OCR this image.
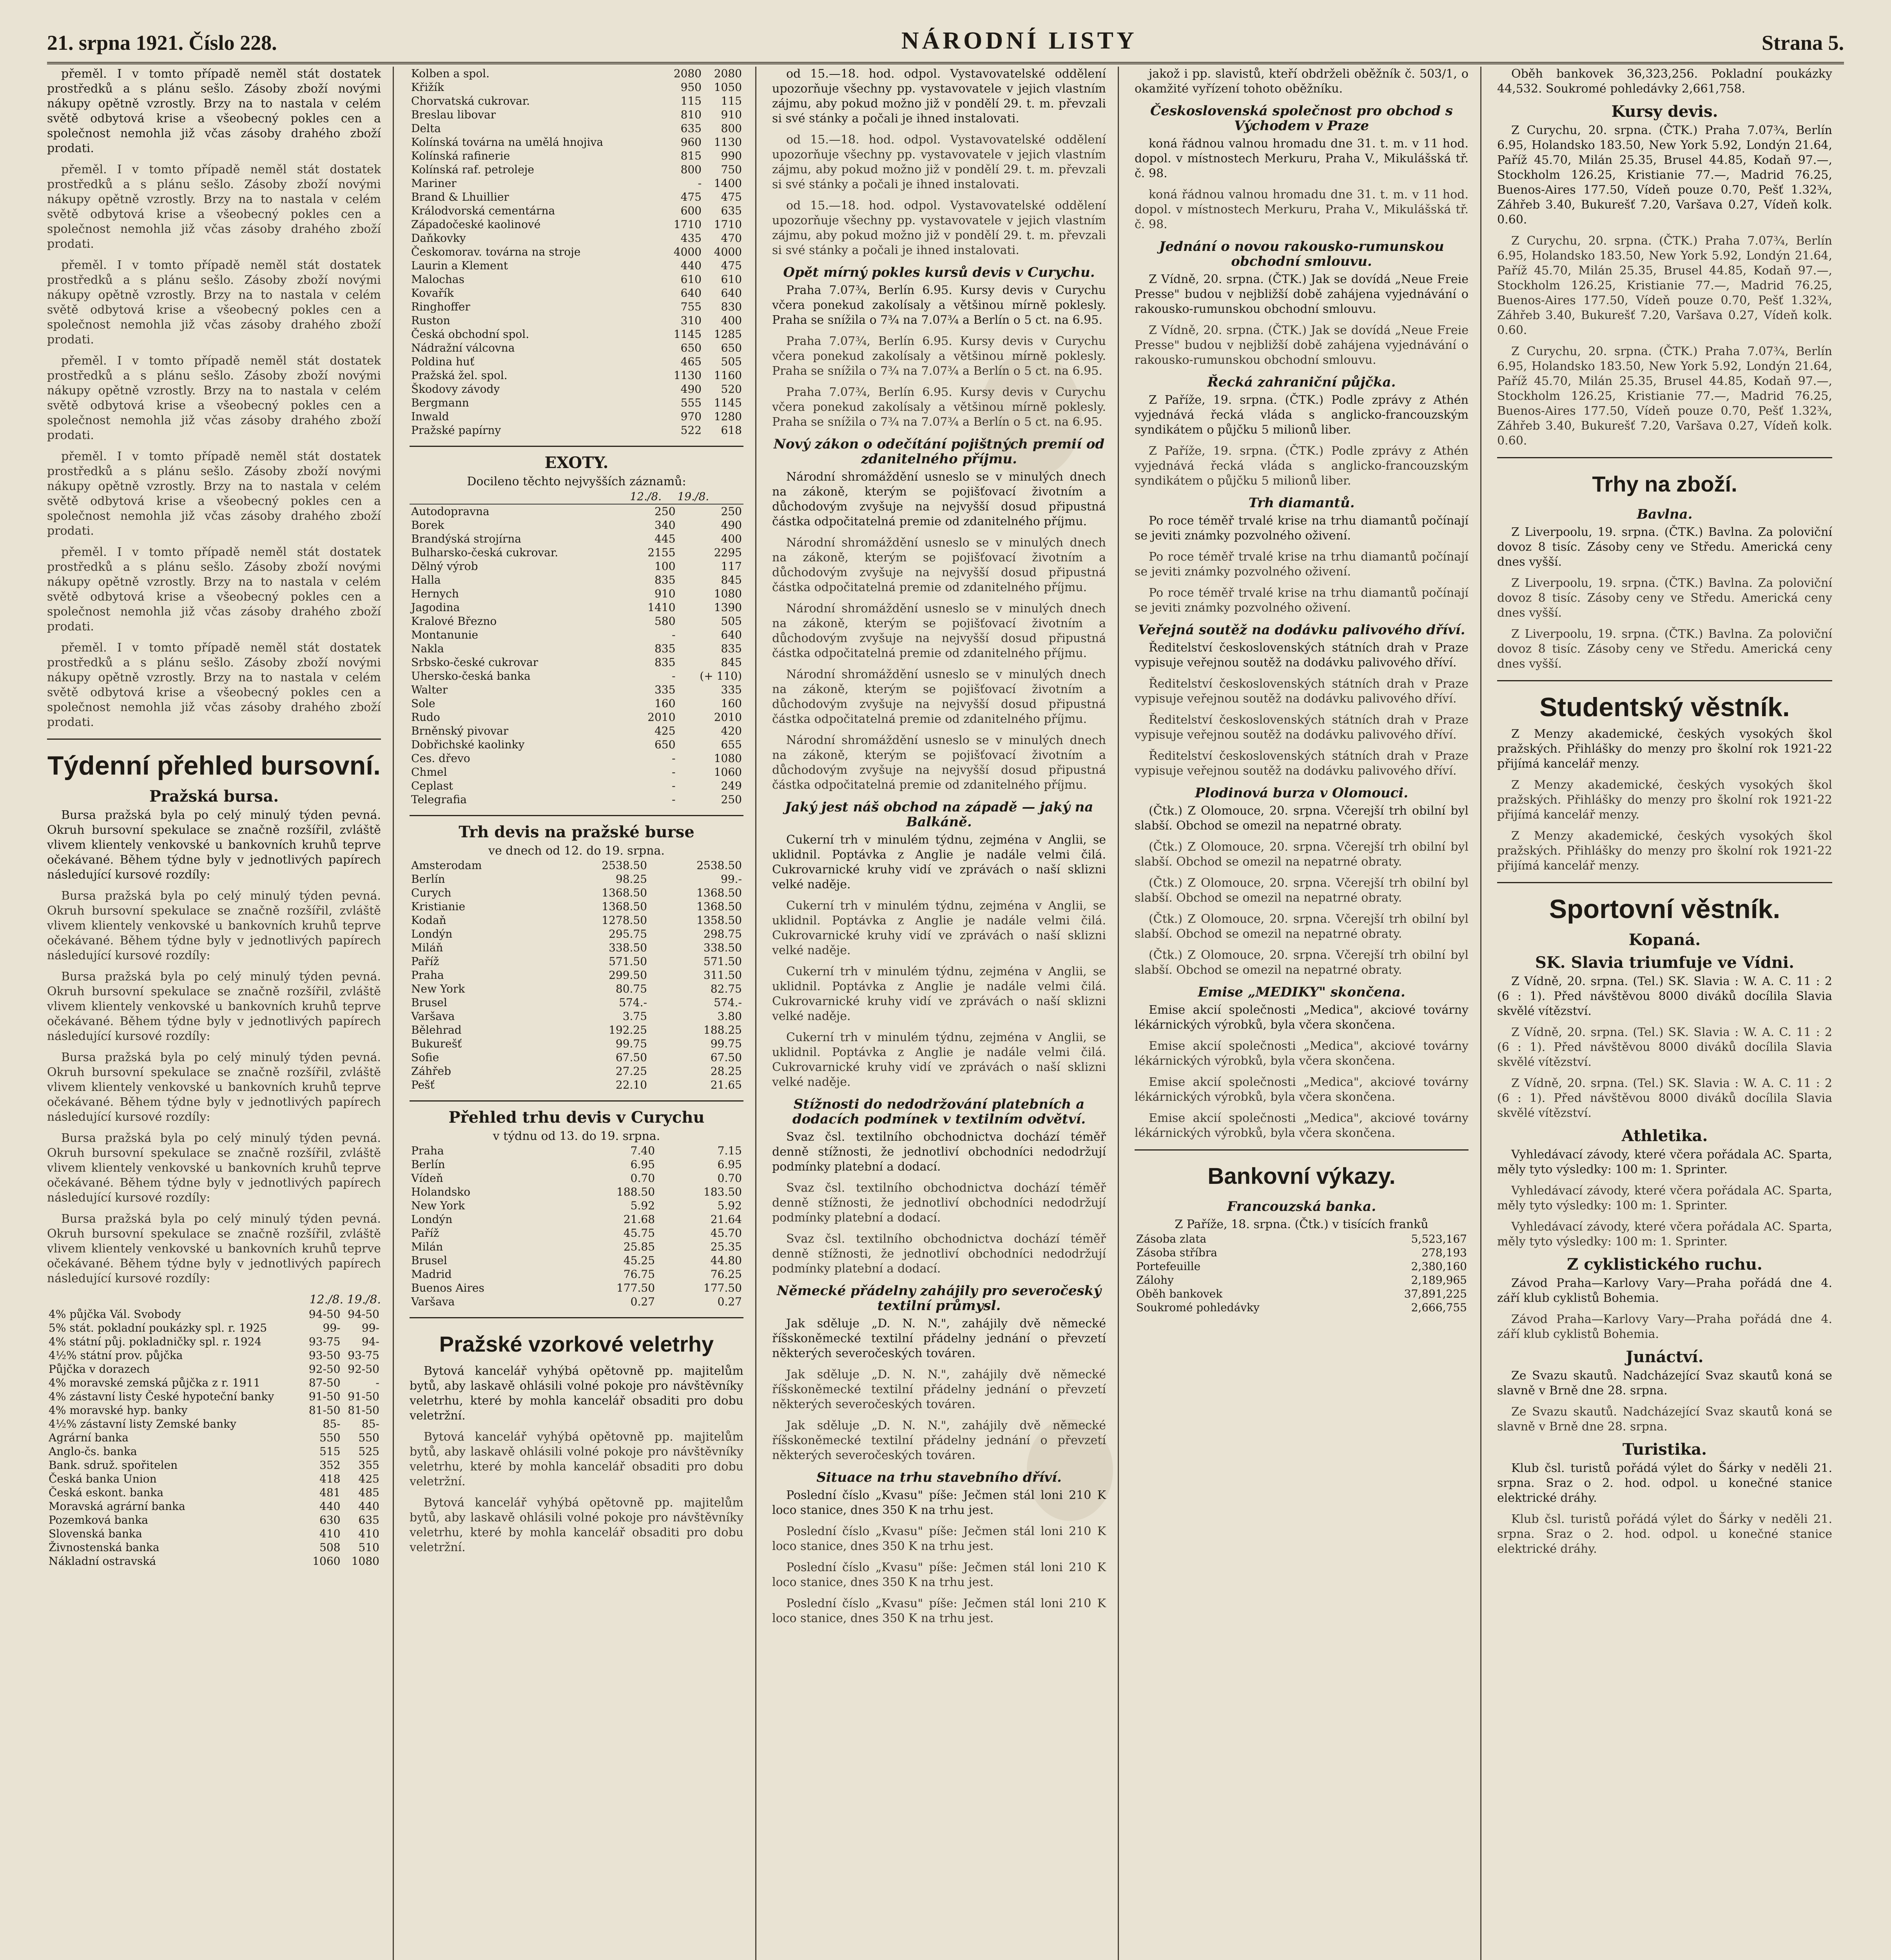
21. srpna 1921. Číslo 228.	NÁRODNÍ LISTY	Strana 5.

přeměl. I v tomto případě neměl stát dostatek prostředků a s plánu sešlo. Zásoby zboží novými nákupy opětně vzrostly. Brzy na to nastala v celém světě odbytová krise a všeobecný pokles cen a společnost nemohla již včas zásoby drahého zboží prodati.

přeměl. I v tomto případě neměl stát dostatek prostředků a s plánu sešlo. Zásoby zboží novými nákupy opětně vzrostly. Brzy na to nastala v celém světě odbytová krise a všeobecný pokles cen a společnost nemohla již včas zásoby drahého zboží prodati.

přeměl. I v tomto případě neměl stát dostatek prostředků a s plánu sešlo. Zásoby zboží novými nákupy opětně vzrostly. Brzy na to nastala v celém světě odbytová krise a všeobecný pokles cen a společnost nemohla již včas zásoby drahého zboží prodati.

přeměl. I v tomto případě neměl stát dostatek prostředků a s plánu sešlo. Zásoby zboží novými nákupy opětně vzrostly. Brzy na to nastala v celém světě odbytová krise a všeobecný pokles cen a společnost nemohla již včas zásoby drahého zboží prodati.

přeměl. I v tomto případě neměl stát dostatek prostředků a s plánu sešlo. Zásoby zboží novými nákupy opětně vzrostly. Brzy na to nastala v celém světě odbytová krise a všeobecný pokles cen a společnost nemohla již včas zásoby drahého zboží prodati.

přeměl. I v tomto případě neměl stát dostatek prostředků a s plánu sešlo. Zásoby zboží novými nákupy opětně vzrostly. Brzy na to nastala v celém světě odbytová krise a všeobecný pokles cen a společnost nemohla již včas zásoby drahého zboží prodati.

přeměl. I v tomto případě neměl stát dostatek prostředků a s plánu sešlo. Zásoby zboží novými nákupy opětně vzrostly. Brzy na to nastala v celém světě odbytová krise a všeobecný pokles cen a společnost nemohla již včas zásoby drahého zboží prodati.

Týdenní přehled bursovní.
Pražská bursa.

Bursa pražská byla po celý minulý týden pevná. Okruh bursovní spekulace se značně rozšířil, zvláště vlivem klientely venkovské u bankovních kruhů teprve očekávané. Během týdne byly v jednotlivých papírech následující kursové rozdíly:

Bursa pražská byla po celý minulý týden pevná. Okruh bursovní spekulace se značně rozšířil, zvláště vlivem klientely venkovské u bankovních kruhů teprve očekávané. Během týdne byly v jednotlivých papírech následující kursové rozdíly:

Bursa pražská byla po celý minulý týden pevná. Okruh bursovní spekulace se značně rozšířil, zvláště vlivem klientely venkovské u bankovních kruhů teprve očekávané. Během týdne byly v jednotlivých papírech následující kursové rozdíly:

Bursa pražská byla po celý minulý týden pevná. Okruh bursovní spekulace se značně rozšířil, zvláště vlivem klientely venkovské u bankovních kruhů teprve očekávané. Během týdne byly v jednotlivých papírech následující kursové rozdíly:

Bursa pražská byla po celý minulý týden pevná. Okruh bursovní spekulace se značně rozšířil, zvláště vlivem klientely venkovské u bankovních kruhů teprve očekávané. Během týdne byly v jednotlivých papírech následující kursové rozdíly:

Bursa pražská byla po celý minulý týden pevná. Okruh bursovní spekulace se značně rozšířil, zvláště vlivem klientely venkovské u bankovních kruhů teprve očekávané. Během týdne byly v jednotlivých papírech následující kursové rozdíly:

12./8. 19./8.
4% půjčka Vál. Svobody	94-50	94-50
5% stát. pokladní poukázky spl. r. 1925	99-	99-
4% státní půj. pokladničky spl. r. 1924	93-75	94-
4½% státní prov. půjčka	93-50	93-75
Půjčka v dorazech	92-50	92-50
4% moravské zemská půjčka z r. 1911	87-50	-
4% zástavní listy České hypoteční banky	91-50	91-50
4% moravské hyp. banky	81-50	81-50
4½% zástavní listy Zemské banky	85-	85-
Agrární banka	550	550
Anglo-čs. banka	515	525
Bank. sdruž. spořitelen	352	355
Česká banka Union	418	425
Česká eskont. banka	481	485
Moravská agrární banka	440	440
Pozemková banka	630	635
Slovenská banka	410	410
Živnostenská banka	508	510
Nákladní ostravská	1060	1080
Kolben a spol.	2080	2080
Křižík	950	1050
Chorvatská cukrovar.	115	115
Breslau libovar	810	910
Delta	635	800
Kolínská továrna na umělá hnojiva	960	1130
Kolínská rafinerie	815	990
Kolínská raf. petroleje	800	750
Mariner	-	1400
Brand & Lhuillier	475	475
Králodvorská cementárna	600	635
Západočeské kaolinové	1710	1710
Daňkovky	435	470
Českomorav. továrna na stroje	4000	4000
Laurin a Klement	440	475
Malochas	610	610
Kovařík	640	640
Ringhoffer	755	830
Ruston	310	400
Česká obchodní spol.	1145	1285
Nádražní válcovna	650	650
Poldina huť	465	505
Pražská žel. spol.	1130	1160
Škodovy závody	490	520
Bergmann	555	1145
Inwald	970	1280
Pražské papírny	522	618
EXOTY.
Docileno těchto nejvyšších záznamů:
	12./8.	19./8.
Autodopravna	250	250
Borek	340	490
Brandýská strojírna	445	400
Bulharsko-česká cukrovar.	2155	2295
Dělný výrob	100	117
Halla	835	845
Hernych	910	1080
Jagodina	1410	1390
Kralové Březno	580	505
Montanunie	-	640
Nakla	835	835
Srbsko-české cukrovar	835	845
Uhersko-česká banka	-	(+ 110)
Walter	335	335
Sole	160	160
Rudo	2010	2010
Brněnský pivovar	425	420
Dobřichské kaolinky	650	655
Ces. dřevo	-	1080
Chmel	-	1060
Ceplast	-	249
Telegrafia	-	250
Trh devis na pražské burse
ve dnech od 12. do 19. srpna.
Amsterodam	2538.50	2538.50
Berlín	98.25	99.-
Curych	1368.50	1368.50
Kristianie	1368.50	1368.50
Kodaň	1278.50	1358.50
Londýn	295.75	298.75
Miláň	338.50	338.50
Paříž	571.50	571.50
Praha	299.50	311.50
New York	80.75	82.75
Brusel	574.-	574.-
Varšava	3.75	3.80
Bělehrad	192.25	188.25
Bukurešť	99.75	99.75
Sofie	67.50	67.50
Záhřeb	27.25	28.25
Pešť	22.10	21.65
Přehled trhu devis v Curychu
v týdnu od 13. do 19. srpna.
Praha	7.40	7.15
Berlín	6.95	6.95
Vídeň	0.70	0.70
Holandsko	188.50	183.50
New York	5.92	5.92
Londýn	21.68	21.64
Paříž	45.75	45.70
Milán	25.85	25.35
Brusel	45.25	44.80
Madrid	76.75	76.25
Buenos Aires	177.50	177.50
Varšava	0.27	0.27
Pražské vzorkové veletrhy

Bytová kancelář vyhýbá opětovně pp. majitelům bytů, aby laskavě ohlásili volné pokoje pro návštěvníky veletrhu, které by mohla kancelář obsaditi pro dobu veletržní.

Bytová kancelář vyhýbá opětovně pp. majitelům bytů, aby laskavě ohlásili volné pokoje pro návštěvníky veletrhu, které by mohla kancelář obsaditi pro dobu veletržní.

Bytová kancelář vyhýbá opětovně pp. majitelům bytů, aby laskavě ohlásili volné pokoje pro návštěvníky veletrhu, které by mohla kancelář obsaditi pro dobu veletržní.

od 15.—18. hod. odpol. Vystavovatelské oddělení upozorňuje všechny pp. vystavovatele v jejich vlastním zájmu, aby pokud možno již v pondělí 29. t. m. převzali si své stánky a počali je ihned instalovati.

od 15.—18. hod. odpol. Vystavovatelské oddělení upozorňuje všechny pp. vystavovatele v jejich vlastním zájmu, aby pokud možno již v pondělí 29. t. m. převzali si své stánky a počali je ihned instalovati.

od 15.—18. hod. odpol. Vystavovatelské oddělení upozorňuje všechny pp. vystavovatele v jejich vlastním zájmu, aby pokud možno již v pondělí 29. t. m. převzali si své stánky a počali je ihned instalovati.

Opět mírný pokles kursů devis v Curychu.

Praha 7.07¾, Berlín 6.95. Kursy devis v Curychu včera ponekud zakolísaly a většinou mírně poklesly. Praha se snížila o 7¾ na 7.07¾ a Berlín o 5 ct. na 6.95.

Praha 7.07¾, Berlín 6.95. Kursy devis v Curychu včera ponekud zakolísaly a většinou mírně poklesly. Praha se snížila o 7¾ na 7.07¾ a Berlín o 5 ct. na 6.95.

Praha 7.07¾, Berlín 6.95. Kursy devis v Curychu včera ponekud zakolísaly a většinou mírně poklesly. Praha se snížila o 7¾ na 7.07¾ a Berlín o 5 ct. na 6.95.

Nový zákon o odečítání pojištných premií od zdanitelného příjmu.

Národní shromáždění usneslo se v minulých dnech na zákoně, kterým se pojišťovací životním a důchodovým zvyšuje na nejvyšší dosud připustná částka odpočitatelná premie od zdanitelného příjmu.

Národní shromáždění usneslo se v minulých dnech na zákoně, kterým se pojišťovací životním a důchodovým zvyšuje na nejvyšší dosud připustná částka odpočitatelná premie od zdanitelného příjmu.

Národní shromáždění usneslo se v minulých dnech na zákoně, kterým se pojišťovací životním a důchodovým zvyšuje na nejvyšší dosud připustná částka odpočitatelná premie od zdanitelného příjmu.

Národní shromáždění usneslo se v minulých dnech na zákoně, kterým se pojišťovací životním a důchodovým zvyšuje na nejvyšší dosud připustná částka odpočitatelná premie od zdanitelného příjmu.

Národní shromáždění usneslo se v minulých dnech na zákoně, kterým se pojišťovací životním a důchodovým zvyšuje na nejvyšší dosud připustná částka odpočitatelná premie od zdanitelného příjmu.

Jaký jest náš obchod na západě — jaký na Balkáně.

Cukerní trh v minulém týdnu, zejména v Anglii, se uklidnil. Poptávka z Anglie je nadále velmi čilá. Cukrovarnické kruhy vidí ve zprávách o naší sklizni velké naděje.

Cukerní trh v minulém týdnu, zejména v Anglii, se uklidnil. Poptávka z Anglie je nadále velmi čilá. Cukrovarnické kruhy vidí ve zprávách o naší sklizni velké naděje.

Cukerní trh v minulém týdnu, zejména v Anglii, se uklidnil. Poptávka z Anglie je nadále velmi čilá. Cukrovarnické kruhy vidí ve zprávách o naší sklizni velké naděje.

Cukerní trh v minulém týdnu, zejména v Anglii, se uklidnil. Poptávka z Anglie je nadále velmi čilá. Cukrovarnické kruhy vidí ve zprávách o naší sklizni velké naděje.

Stížnosti do nedodržování platebních a dodacích podmínek v textilním odvětví.

Svaz čsl. textilního obchodnictva dochází téměř denně stížnosti, že jednotliví obchodníci nedodržují podmínky platební a dodací.

Svaz čsl. textilního obchodnictva dochází téměř denně stížnosti, že jednotliví obchodníci nedodržují podmínky platební a dodací.

Svaz čsl. textilního obchodnictva dochází téměř denně stížnosti, že jednotliví obchodníci nedodržují podmínky platební a dodací.

Německé přádelny zahájily pro severočeský textilní průmysl.

Jak sděluje „D. N. N.", zahájily dvě německé říšskoněmecké textilní přádelny jednání o převzetí některých severočeských továren.

Jak sděluje „D. N. N.", zahájily dvě německé říšskoněmecké textilní přádelny jednání o převzetí některých severočeských továren.

Jak sděluje „D. N. N.", zahájily dvě německé říšskoněmecké textilní přádelny jednání o převzetí některých severočeských továren.

Situace na trhu stavebního dříví.

Poslední číslo „Kvasu" píše: Ječmen stál loni 210 K loco stanice, dnes 350 K na trhu jest.

Poslední číslo „Kvasu" píše: Ječmen stál loni 210 K loco stanice, dnes 350 K na trhu jest.

Poslední číslo „Kvasu" píše: Ječmen stál loni 210 K loco stanice, dnes 350 K na trhu jest.

Poslední číslo „Kvasu" píše: Ječmen stál loni 210 K loco stanice, dnes 350 K na trhu jest.

jakož i pp. slavistů, kteří obdrželi oběžník č. 503/1, o okamžité vyřízení tohoto oběžníku.

Československá společnost pro obchod s Východem v Praze

koná řádnou valnou hromadu dne 31. t. m. v 11 hod. dopol. v místnostech Merkuru, Praha V., Mikulášská tř. č. 98.

koná řádnou valnou hromadu dne 31. t. m. v 11 hod. dopol. v místnostech Merkuru, Praha V., Mikulášská tř. č. 98.

Jednání o novou rakousko-rumunskou obchodní smlouvu.

Z Vídně, 20. srpna. (ČTK.) Jak se dovídá „Neue Freie Presse" budou v nejbližší době zahájena vyjednávání o rakousko-rumunskou obchodní smlouvu.

Z Vídně, 20. srpna. (ČTK.) Jak se dovídá „Neue Freie Presse" budou v nejbližší době zahájena vyjednávání o rakousko-rumunskou obchodní smlouvu.

Řecká zahraniční půjčka.

Z Paříže, 19. srpna. (ČTK.) Podle zprávy z Athén vyjednává řecká vláda s anglicko-francouzským syndikátem o půjčku 5 milionů liber.

Z Paříže, 19. srpna. (ČTK.) Podle zprávy z Athén vyjednává řecká vláda s anglicko-francouzským syndikátem o půjčku 5 milionů liber.

Trh diamantů.

Po roce téměř trvalé krise na trhu diamantů počínají se jeviti známky pozvolného oživení.

Po roce téměř trvalé krise na trhu diamantů počínají se jeviti známky pozvolného oživení.

Po roce téměř trvalé krise na trhu diamantů počínají se jeviti známky pozvolného oživení.

Veřejná soutěž na dodávku palivového dříví.

Ředitelství československých státních drah v Praze vypisuje veřejnou soutěž na dodávku palivového dříví.

Ředitelství československých státních drah v Praze vypisuje veřejnou soutěž na dodávku palivového dříví.

Ředitelství československých státních drah v Praze vypisuje veřejnou soutěž na dodávku palivového dříví.

Ředitelství československých státních drah v Praze vypisuje veřejnou soutěž na dodávku palivového dříví.

Plodinová burza v Olomouci.

(Čtk.) Z Olomouce, 20. srpna. Včerejší trh obilní byl slabší. Obchod se omezil na nepatrné obraty.

(Čtk.) Z Olomouce, 20. srpna. Včerejší trh obilní byl slabší. Obchod se omezil na nepatrné obraty.

(Čtk.) Z Olomouce, 20. srpna. Včerejší trh obilní byl slabší. Obchod se omezil na nepatrné obraty.

(Čtk.) Z Olomouce, 20. srpna. Včerejší trh obilní byl slabší. Obchod se omezil na nepatrné obraty.

(Čtk.) Z Olomouce, 20. srpna. Včerejší trh obilní byl slabší. Obchod se omezil na nepatrné obraty.

Emise „MEDIKY" skončena.

Emise akcií společnosti „Medica", akciové továrny lékárnických výrobků, byla včera skončena.

Emise akcií společnosti „Medica", akciové továrny lékárnických výrobků, byla včera skončena.

Emise akcií společnosti „Medica", akciové továrny lékárnických výrobků, byla včera skončena.

Emise akcií společnosti „Medica", akciové továrny lékárnických výrobků, byla včera skončena.

Bankovní výkazy.
Francouzská banka.
Z Paříže, 18. srpna. (Čtk.) v tisících franků
Zásoba zlata	5,523,167
Zásoba stříbra	278,193
Portefeuille	2,380,160
Zálohy	2,189,965
Oběh bankovek	37,891,225
Soukromé pohledávky	2,666,755

Oběh bankovek 36,323,256. Pokladní poukázky 44,532. Soukromé pohledávky 2,661,758.

Kursy devis.

Z Curychu, 20. srpna. (ČTK.) Praha 7.07¾, Berlín 6.95, Holandsko 183.50, New York 5.92, Londýn 21.64, Paříž 45.70, Milán 25.35, Brusel 44.85, Kodaň 97.—, Stockholm 126.25, Kristianie 77.—, Madrid 76.25, Buenos-Aires 177.50, Vídeň pouze 0.70, Pešť 1.32¾, Záhřeb 3.40, Bukurešť 7.20, Varšava 0.27, Vídeň kolk. 0.60.

Z Curychu, 20. srpna. (ČTK.) Praha 7.07¾, Berlín 6.95, Holandsko 183.50, New York 5.92, Londýn 21.64, Paříž 45.70, Milán 25.35, Brusel 44.85, Kodaň 97.—, Stockholm 126.25, Kristianie 77.—, Madrid 76.25, Buenos-Aires 177.50, Vídeň pouze 0.70, Pešť 1.32¾, Záhřeb 3.40, Bukurešť 7.20, Varšava 0.27, Vídeň kolk. 0.60.

Z Curychu, 20. srpna. (ČTK.) Praha 7.07¾, Berlín 6.95, Holandsko 183.50, New York 5.92, Londýn 21.64, Paříž 45.70, Milán 25.35, Brusel 44.85, Kodaň 97.—, Stockholm 126.25, Kristianie 77.—, Madrid 76.25, Buenos-Aires 177.50, Vídeň pouze 0.70, Pešť 1.32¾, Záhřeb 3.40, Bukurešť 7.20, Varšava 0.27, Vídeň kolk. 0.60.

Trhy na zboží.
Bavlna.

Z Liverpoolu, 19. srpna. (ČTK.) Bavlna. Za poloviční dovoz 8 tisíc. Zásoby ceny ve Středu. Americká ceny dnes vyšší.

Z Liverpoolu, 19. srpna. (ČTK.) Bavlna. Za poloviční dovoz 8 tisíc. Zásoby ceny ve Středu. Americká ceny dnes vyšší.

Z Liverpoolu, 19. srpna. (ČTK.) Bavlna. Za poloviční dovoz 8 tisíc. Zásoby ceny ve Středu. Americká ceny dnes vyšší.

Studentský věstník.

Z Menzy akademické, českých vysokých škol pražských. Přihlášky do menzy pro školní rok 1921-22 přijímá kancelář menzy.

Z Menzy akademické, českých vysokých škol pražských. Přihlášky do menzy pro školní rok 1921-22 přijímá kancelář menzy.

Z Menzy akademické, českých vysokých škol pražských. Přihlášky do menzy pro školní rok 1921-22 přijímá kancelář menzy.

Sportovní věstník.
Kopaná.
SK. Slavia triumfuje ve Vídni.

Z Vídně, 20. srpna. (Tel.) SK. Slavia : W. A. C. 11 : 2 (6 : 1). Před návštěvou 8000 diváků docílila Slavia skvělé vítězství.

Z Vídně, 20. srpna. (Tel.) SK. Slavia : W. A. C. 11 : 2 (6 : 1). Před návštěvou 8000 diváků docílila Slavia skvělé vítězství.

Z Vídně, 20. srpna. (Tel.) SK. Slavia : W. A. C. 11 : 2 (6 : 1). Před návštěvou 8000 diváků docílila Slavia skvělé vítězství.

Athletika.

Vyhledávací závody, které včera pořádala AC. Sparta, měly tyto výsledky: 100 m: 1. Sprinter.

Vyhledávací závody, které včera pořádala AC. Sparta, měly tyto výsledky: 100 m: 1. Sprinter.

Vyhledávací závody, které včera pořádala AC. Sparta, měly tyto výsledky: 100 m: 1. Sprinter.

Z cyklistického ruchu.

Závod Praha—Karlovy Vary—Praha pořádá dne 4. září klub cyklistů Bohemia.

Závod Praha—Karlovy Vary—Praha pořádá dne 4. září klub cyklistů Bohemia.

Junáctví.

Ze Svazu skautů. Nadcházející Svaz skautů koná se slavně v Brně dne 28. srpna.

Ze Svazu skautů. Nadcházející Svaz skautů koná se slavně v Brně dne 28. srpna.

Turistika.

Klub čsl. turistů pořádá výlet do Šárky v neděli 21. srpna. Sraz o 2. hod. odpol. u konečné stanice elektrické dráhy.

Klub čsl. turistů pořádá výlet do Šárky v neděli 21. srpna. Sraz o 2. hod. odpol. u konečné stanice elektrické dráhy.
